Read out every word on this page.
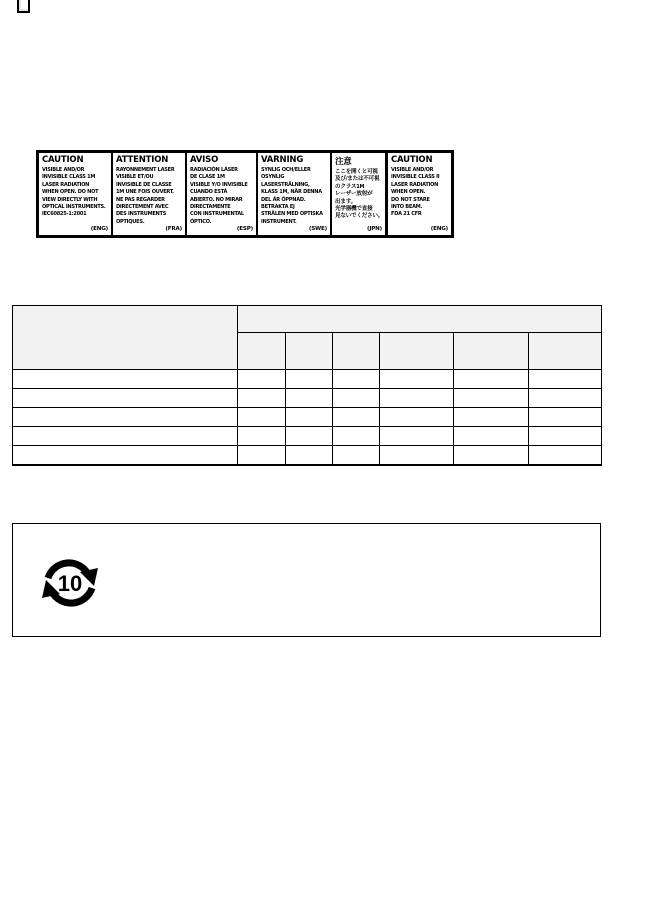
CAUTION
VISIBLE AND/OR
INVISIBLE CLASS 1M
LASER RADIATION
WHEN OPEN. DO NOT
VIEW DIRECTLY WITH
OPTICAL INSTRUMENTS.
IEC60825-1:2001
(ENG)
ATTENTION
RAYONNEMENT LASER
VISIBLE ET/OU
INVISIBLE DE CLASSE
1M UNE FOIS OUVERT.
NE PAS REGARDER
DIRECTEMENT AVEC
DES INSTRUMENTS
OPTIQUES.
(FRA)
AVISO
RADIACIÓN LÁSER
DE CLASE 1M
VISIBLE Y/O INVISIBLE
CUANDO ESTÁ
ABIERTO. NO MIRAR
DIRECTAMENTE
CON INSTRUMENTAL
ÓPTICO.
(ESP)
VARNING
SYNLIG OCH/ELLER
OSYNLIG
LASERSTRÅLNING,
KLASS 1M, NÄR DENNA
DEL ÄR ÖPPNAD.
BETRAKTA EJ
STRÅLEN MED OPTISKA
INSTRUMENT.
(SWE)
注意
ここを開くと可視
及び/または不可視
のクラス1M
レーザー放射が
出ます。
光学器機で直接
見ないでください。
(JPN)
CAUTION
VISIBLE AND/OR
INVISIBLE CLASS II
LASER RADIATION
WHEN OPEN.
DO NOT STARE
INTO BEAM.
FDA 21 CFR
(ENG)

10
